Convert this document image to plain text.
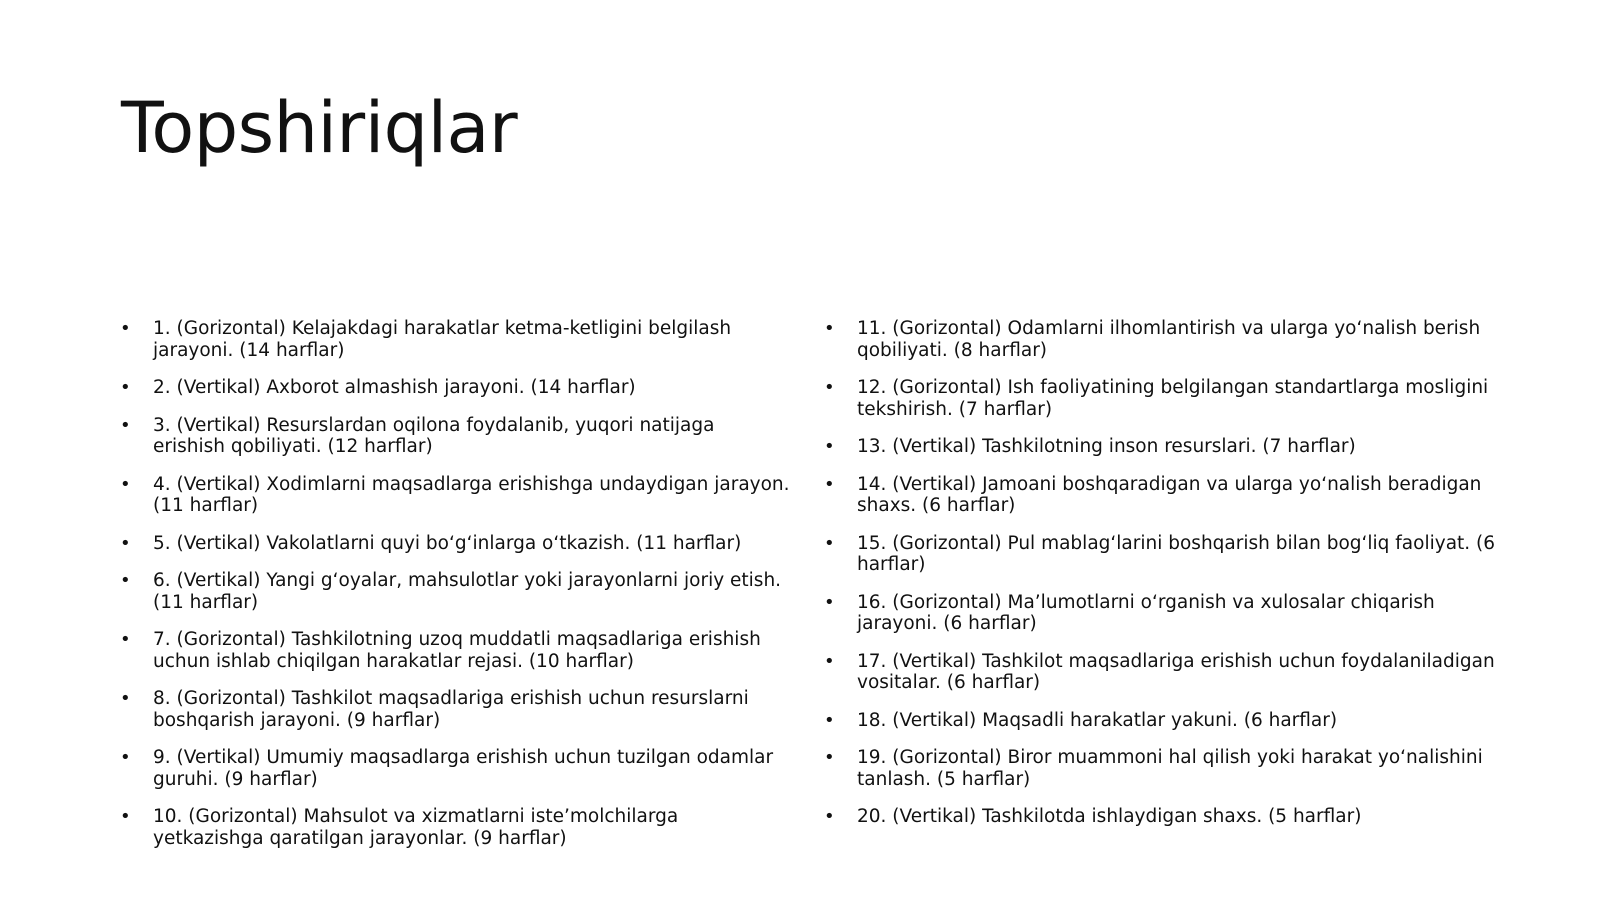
Topshiriqlar
• 1. (Gorizontal) Kelajakdagi harakatlar ketma-ketligini belgilash jarayoni. (14 harflar)
• 2. (Vertikal) Axborot almashish jarayoni. (14 harflar)
• 3. (Vertikal) Resurslardan oqilona foydalanib, yuqori natijaga erishish qobiliyati. (12 harflar)
• 4. (Vertikal) Xodimlarni maqsadlarga erishishga undaydigan jarayon. (11 harflar)
• 5. (Vertikal) Vakolatlarni quyi bo‘g‘inlarga o‘tkazish. (11 harflar)
• 6. (Vertikal) Yangi g‘oyalar, mahsulotlar yoki jarayonlarni joriy etish. (11 harflar)
• 7. (Gorizontal) Tashkilotning uzoq muddatli maqsadlariga erishish uchun ishlab chiqilgan harakatlar rejasi. (10 harflar)
• 8. (Gorizontal) Tashkilot maqsadlariga erishish uchun resurslarni boshqarish jarayoni. (9 harflar)
• 9. (Vertikal) Umumiy maqsadlarga erishish uchun tuzilgan odamlar guruhi. (9 harflar)
• 10. (Gorizontal) Mahsulot va xizmatlarni iste’molchilarga yetkazishga qaratilgan jarayonlar. (9 harflar)
• 11. (Gorizontal) Odamlarni ilhomlantirish va ularga yo‘nalish berish qobiliyati. (8 harflar)
• 12. (Gorizontal) Ish faoliyatining belgilangan standartlarga mosligini tekshirish. (7 harflar)
• 13. (Vertikal) Tashkilotning inson resurslari. (7 harflar)
• 14. (Vertikal) Jamoani boshqaradigan va ularga yo‘nalish beradigan shaxs. (6 harflar)
• 15. (Gorizontal) Pul mablag‘larini boshqarish bilan bog‘liq faoliyat. (6 harflar)
• 16. (Gorizontal) Ma’lumotlarni o‘rganish va xulosalar chiqarish jarayoni. (6 harflar)
• 17. (Vertikal) Tashkilot maqsadlariga erishish uchun foydalaniladigan vositalar. (6 harflar)
• 18. (Vertikal) Maqsadli harakatlar yakuni. (6 harflar)
• 19. (Gorizontal) Biror muammoni hal qilish yoki harakat yo‘nalishini tanlash. (5 harflar)
• 20. (Vertikal) Tashkilotda ishlaydigan shaxs. (5 harflar)
